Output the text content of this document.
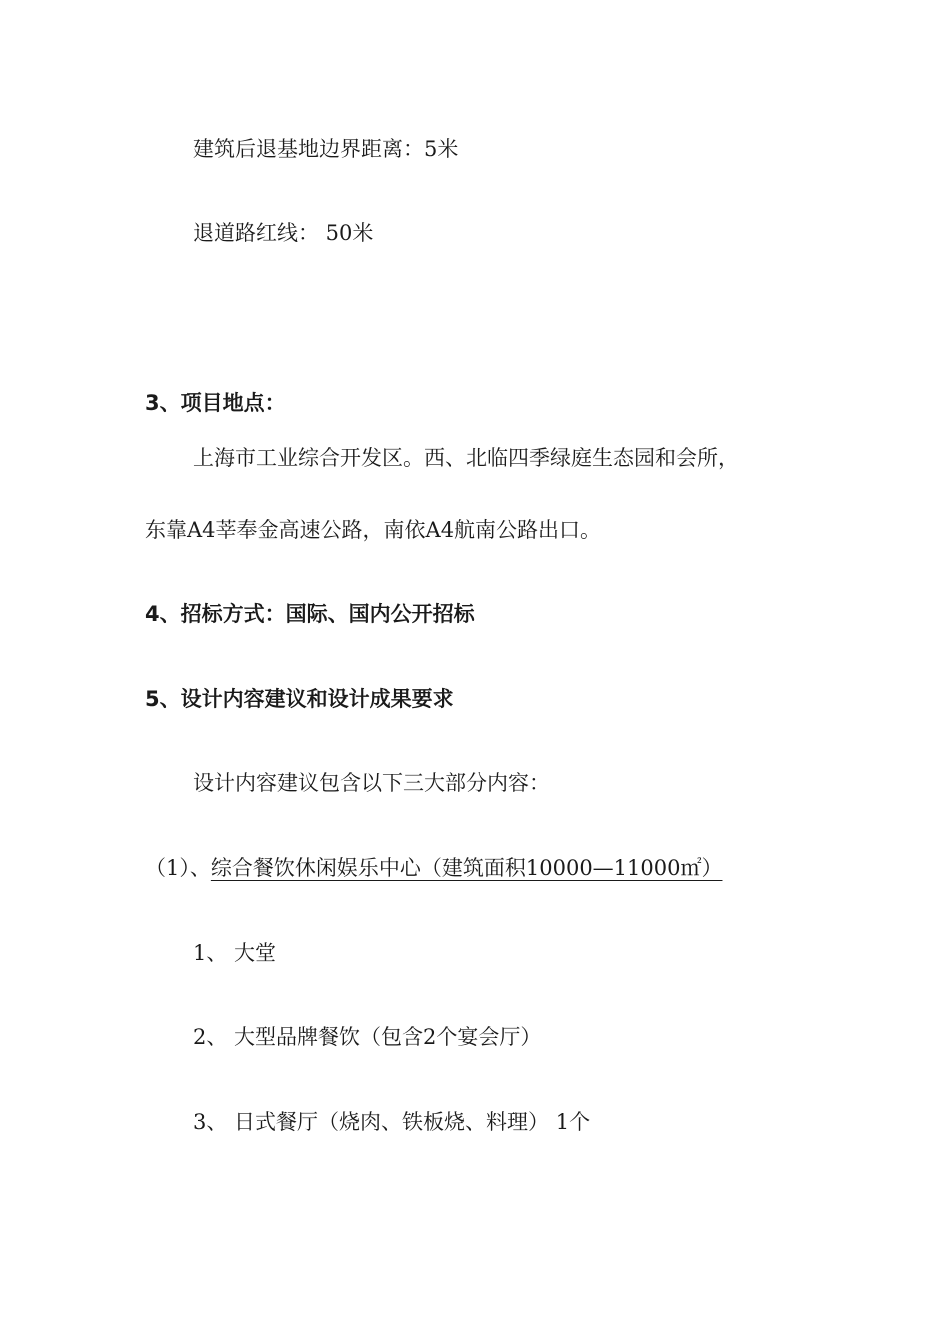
建筑后退基地边界距离：5米
退道路红线： 50米
3、项目地点：
上海市工业综合开发区。西、北临四季绿庭生态园和会所，
东靠A4莘奉金高速公路，南依A4航南公路出口。
4、招标方式：国际、国内公开招标
5、设计内容建议和设计成果要求
设计内容建议包含以下三大部分内容：
（1）、综合餐饮休闲娱乐中心（建筑面积10000—11000㎡）
1、 大堂
2、 大型品牌餐饮（包含2个宴会厅）
3、 日式餐厅（烧肉、铁板烧、料理） 1个
